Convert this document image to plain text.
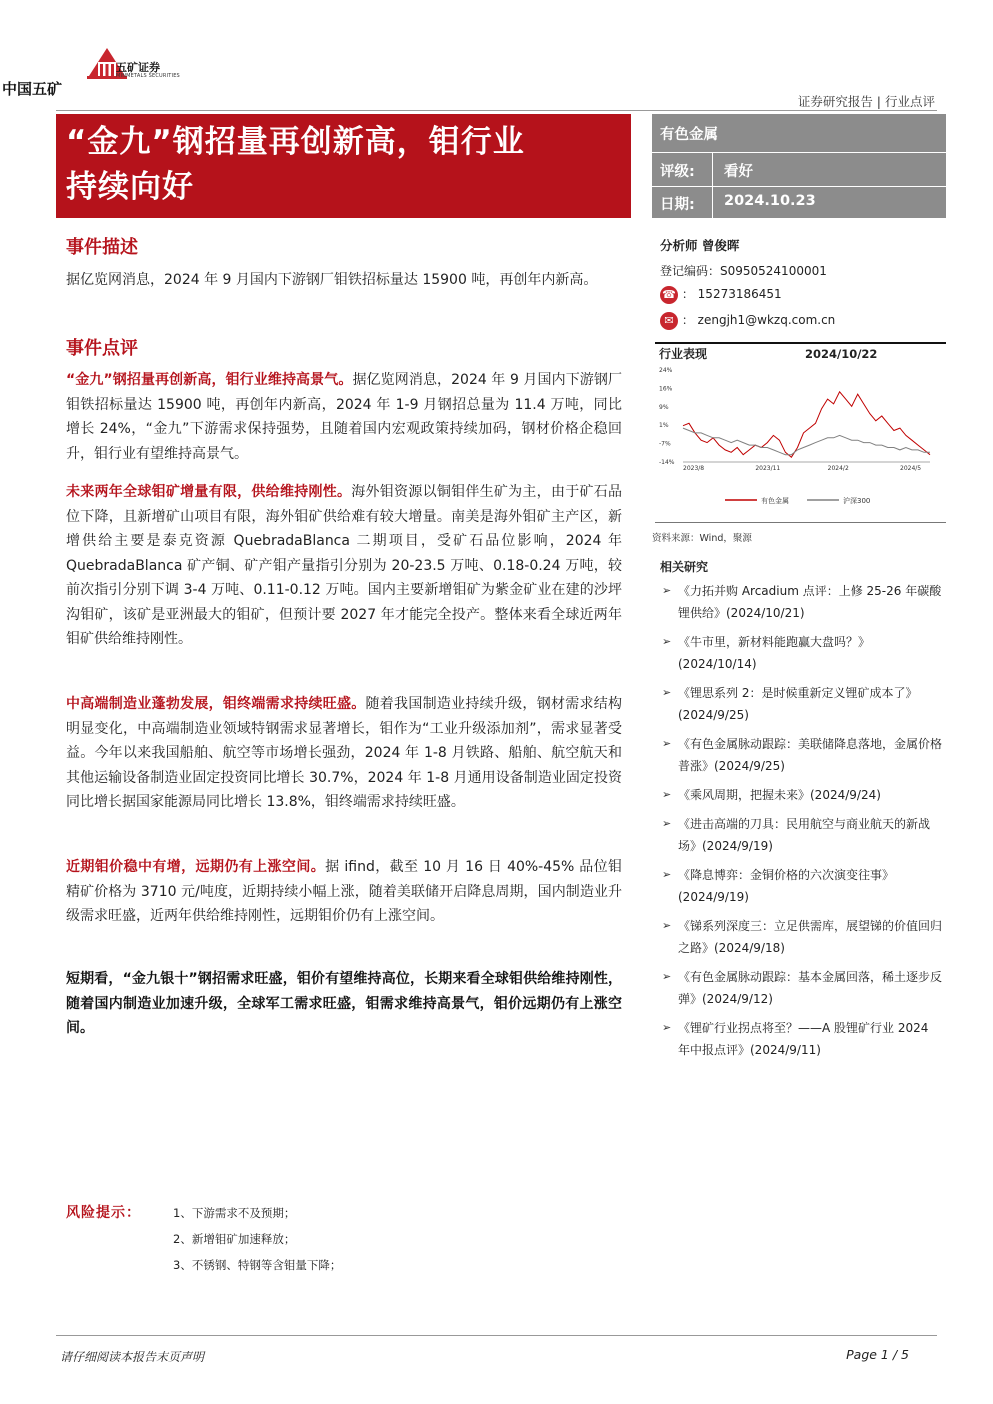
中国五矿
五矿证券
MINMETALS SECURITIES
证券研究报告 | 行业点评
“金九”钢招量再创新高，钼行业
持续向好
有色金属
评级: 看好
日期: 2024.10.23
事件描述
据亿览网消息，2024 年 9 月国内下游钢厂钼铁招标量达 15900 吨，再创年内新高。
事件点评
“金九”钢招量再创新高，钼行业维持高景气。据亿览网消息，2024 年 9 月国内下游钢厂钼铁招标量达 15900 吨，再创年内新高，2024 年 1-9 月钢招总量为 11.4 万吨，同比增长 24%，“金九”下游需求保持强势，且随着国内宏观政策持续加码，钢材价格企稳回升，钼行业有望维持高景气。
未来两年全球钼矿增量有限，供给维持刚性。海外钼资源以铜钼伴生矿为主，由于矿石品位下降，且新增矿山项目有限，海外钼矿供给难有较大增量。南美是海外钼矿主产区，新增供给主要是泰克资源 QuebradaBlanca 二期项目，受矿石品位影响，2024 年 QuebradaBlanca 矿产铜、矿产钼产量指引分别为 20-23.5 万吨、0.18-0.24 万吨，较前次指引分别下调 3-4 万吨、0.11-0.12 万吨。国内主要新增钼矿为紫金矿业在建的沙坪沟钼矿，该矿是亚洲最大的钼矿，但预计要 2027 年才能完全投产。整体来看全球近两年钼矿供给维持刚性。
中高端制造业蓬勃发展，钼终端需求持续旺盛。随着我国制造业持续升级，钢材需求结构明显变化，中高端制造业领域特钢需求显著增长，钼作为“工业升级添加剂”，需求显著受益。今年以来我国船舶、航空等市场增长强劲，2024 年 1-8 月铁路、船舶、航空航天和其他运输设备制造业固定投资同比增长 30.7%，2024 年 1-8 月通用设备制造业固定投资同比增长据国家能源局同比增长 13.8%，钼终端需求持续旺盛。
近期钼价稳中有增，远期仍有上涨空间。据 ifind，截至 10 月 16 日 40%-45% 品位钼精矿价格为 3710 元/吨度，近期持续小幅上涨，随着美联储开启降息周期，国内制造业升级需求旺盛，近两年供给维持刚性，远期钼价仍有上涨空间。
短期看，“金九银十”钢招需求旺盛，钼价有望维持高位，长期来看全球钼供给维持刚性，随着国内制造业加速升级，全球军工需求旺盛，钼需求维持高景气，钼价远期仍有上涨空间。
分析师 曾俊晖
登记编码：S0950524100001
☎ ： 15273186451
✉ ： zengjh1@wkzq.com.cn
行业表现	2024/10/22
24%
16%
9%
1%
-7%
-14%
2023/8	2023/11	2024/2	2024/5
有色金属	沪深300
资料来源：Wind，聚源
相关研究
➢ 《力拓并购 Arcadium 点评：上修 25-26 年碳酸锂供给》(2024/10/21)
➢ 《牛市里，新材料能跑赢大盘吗？》(2024/10/14)
➢ 《锂思系列 2：是时候重新定义锂矿成本了》(2024/9/25)
➢ 《有色金属脉动跟踪：美联储降息落地，金属价格普涨》(2024/9/25)
➢ 《乘风周期，把握未来》(2024/9/24)
➢ 《进击高端的刀具：民用航空与商业航天的新战场》(2024/9/19)
➢ 《降息博弈：金铜价格的六次演变往事》(2024/9/19)
➢ 《锑系列深度三：立足供需库，展望锑的价值回归之路》(2024/9/18)
➢ 《有色金属脉动跟踪：基本金属回落，稀土逐步反弹》(2024/9/12)
➢ 《锂矿行业拐点将至？——A 股锂矿行业 2024 年中报点评》(2024/9/11)
风险提示：	1、下游需求不及预期；
2、新增钼矿加速释放；
3、不锈钢、特钢等含钼量下降；
请仔细阅读本报告末页声明	Page 1 / 5
